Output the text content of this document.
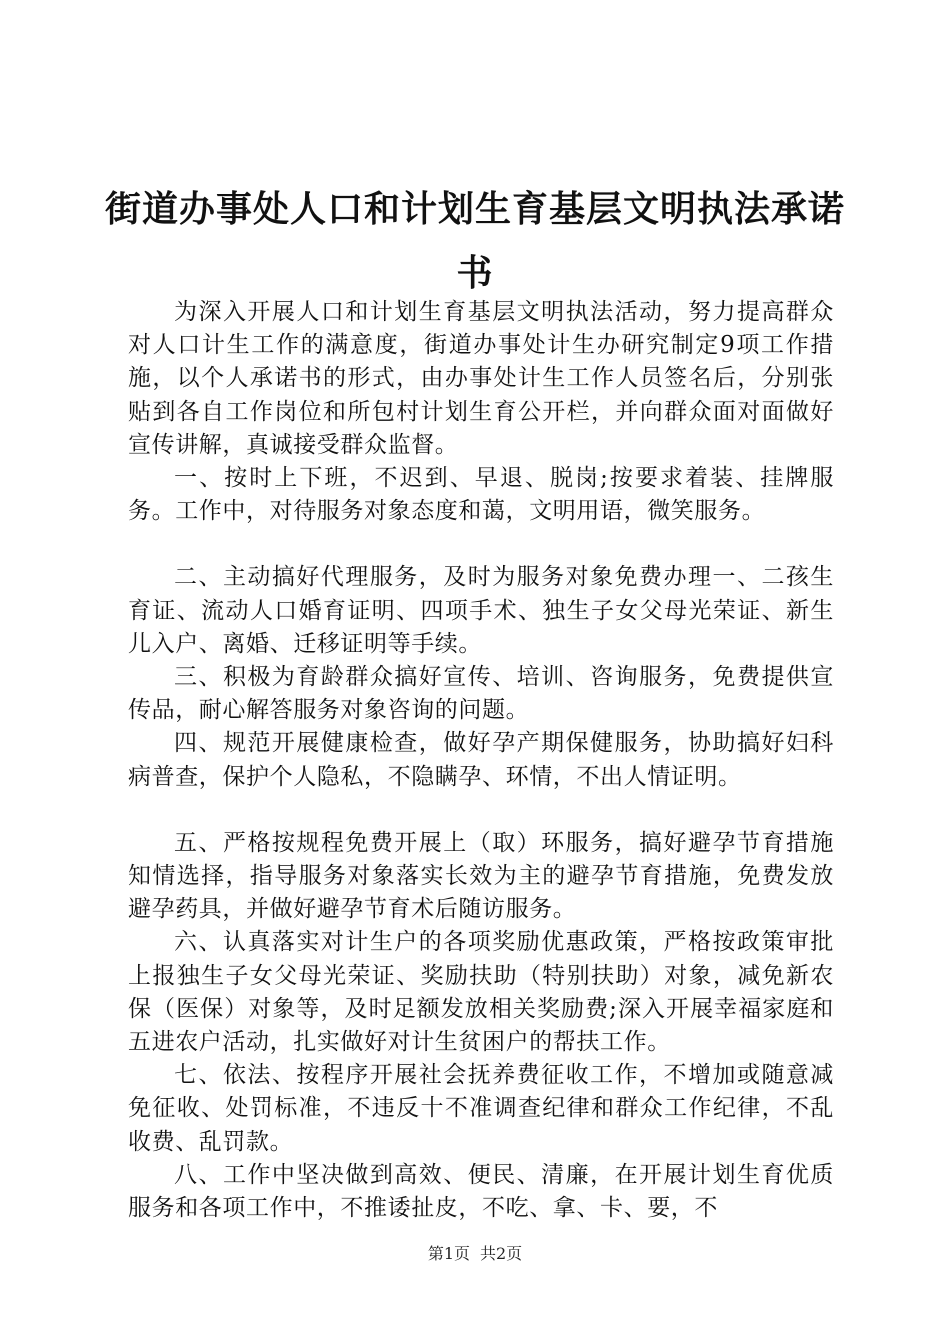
街道办事处人口和计划生育基层文明执法承诺书

为深入开展人口和计划生育基层文明执法活动，努力提高群众对人口计生工作的满意度，街道办事处计生办研究制定9项工作措施，以个人承诺书的形式，由办事处计生工作人员签名后，分别张贴到各自工作岗位和所包村计划生育公开栏，并向群众面对面做好宣传讲解，真诚接受群众监督。

一、按时上下班，不迟到、早退、脱岗;按要求着装、挂牌服务。工作中，对待服务对象态度和蔼，文明用语，微笑服务。

二、主动搞好代理服务，及时为服务对象免费办理一、二孩生育证、流动人口婚育证明、四项手术、独生子女父母光荣证、新生儿入户、离婚、迁移证明等手续。

三、积极为育龄群众搞好宣传、培训、咨询服务，免费提供宣传品，耐心解答服务对象咨询的问题。

四、规范开展健康检查，做好孕产期保健服务，协助搞好妇科病普查，保护个人隐私，不隐瞒孕、环情，不出人情证明。

五、严格按规程免费开展上（取）环服务，搞好避孕节育措施知情选择，指导服务对象落实长效为主的避孕节育措施，免费发放避孕药具，并做好避孕节育术后随访服务。

六、认真落实对计生户的各项奖励优惠政策，严格按政策审批上报独生子女父母光荣证、奖励扶助（特别扶助）对象，减免新农保（医保）对象等，及时足额发放相关奖励费;深入开展幸福家庭和五进农户活动，扎实做好对计生贫困户的帮扶工作。

七、依法、按程序开展社会抚养费征收工作，不增加或随意减免征收、处罚标准，不违反十不准调查纪律和群众工作纪律，不乱收费、乱罚款。

八、工作中坚决做到高效、便民、清廉，在开展计划生育优质服务和各项工作中，不推诿扯皮，不吃、拿、卡、要，不

第1页 共2页
